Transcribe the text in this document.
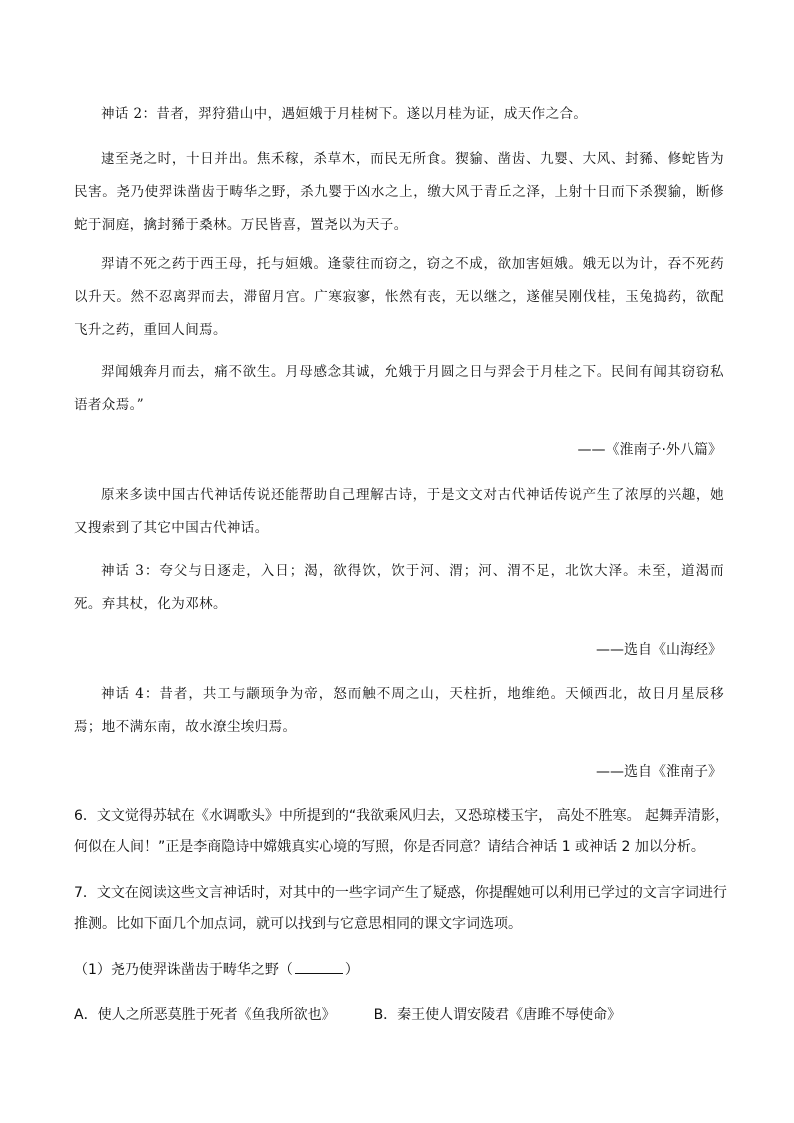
神话 2：昔者，羿狩猎山中，遇姮娥于月桂树下。遂以月桂为证，成天作之合。
逮至尧之时，十日并出。焦禾稼，杀草木，而民无所食。猰貐、凿齿、九婴、大风、封豨、修蛇皆为民害。尧乃使羿诛凿齿于畴华之野，杀九婴于凶水之上，缴大风于青丘之泽，上射十日而下杀猰貐，断修蛇于洞庭，擒封豨于桑林。万民皆喜，置尧以为天子。
羿请不死之药于西王母，托与姮娥。逢蒙往而窃之，窃之不成，欲加害姮娥。娥无以为计，吞不死药以升天。然不忍离羿而去，滞留月宫。广寒寂寥，怅然有丧，无以继之，遂催吴刚伐桂，玉兔捣药，欲配飞升之药，重回人间焉。
羿闻娥奔月而去，痛不欲生。月母感念其诚，允娥于月圆之日与羿会于月桂之下。民间有闻其窃窃私语者众焉。”
——《淮南子·外八篇》
原来多读中国古代神话传说还能帮助自己理解古诗，于是文文对古代神话传说产生了浓厚的兴趣，她又搜索到了其它中国古代神话。
神话 3：夸父与日逐走，入日；渴，欲得饮，饮于河、渭；河、渭不足，北饮大泽。未至，道渴而死。弃其杖，化为邓林。
——选自《山海经》
神话 4：昔者，共工与颛顼争为帝，怒而触不周之山，天柱折，地维绝。天倾西北，故日月星辰移焉；地不满东南，故水潦尘埃归焉。
——选自《淮南子》
6．文文觉得苏轼在《水调歌头》中所提到的“我欲乘风归去，又恐琼楼玉宇， 高处不胜寒。 起舞弄清影，何似在人间！”正是李商隐诗中嫦娥真实心境的写照，你是否同意？请结合神话 1 或神话 2 加以分析。
7．文文在阅读这些文言神话时，对其中的一些字词产生了疑惑，你提醒她可以利用已学过的文言字词进行推测。比如下面几个加点词，就可以找到与它意思相同的课文字词选项。
（1）尧乃使羿诛凿齿于畴华之野（	）
A．使人之所恶莫胜于死者《鱼我所欲也》	B．秦王使人谓安陵君《唐雎不辱使命》
